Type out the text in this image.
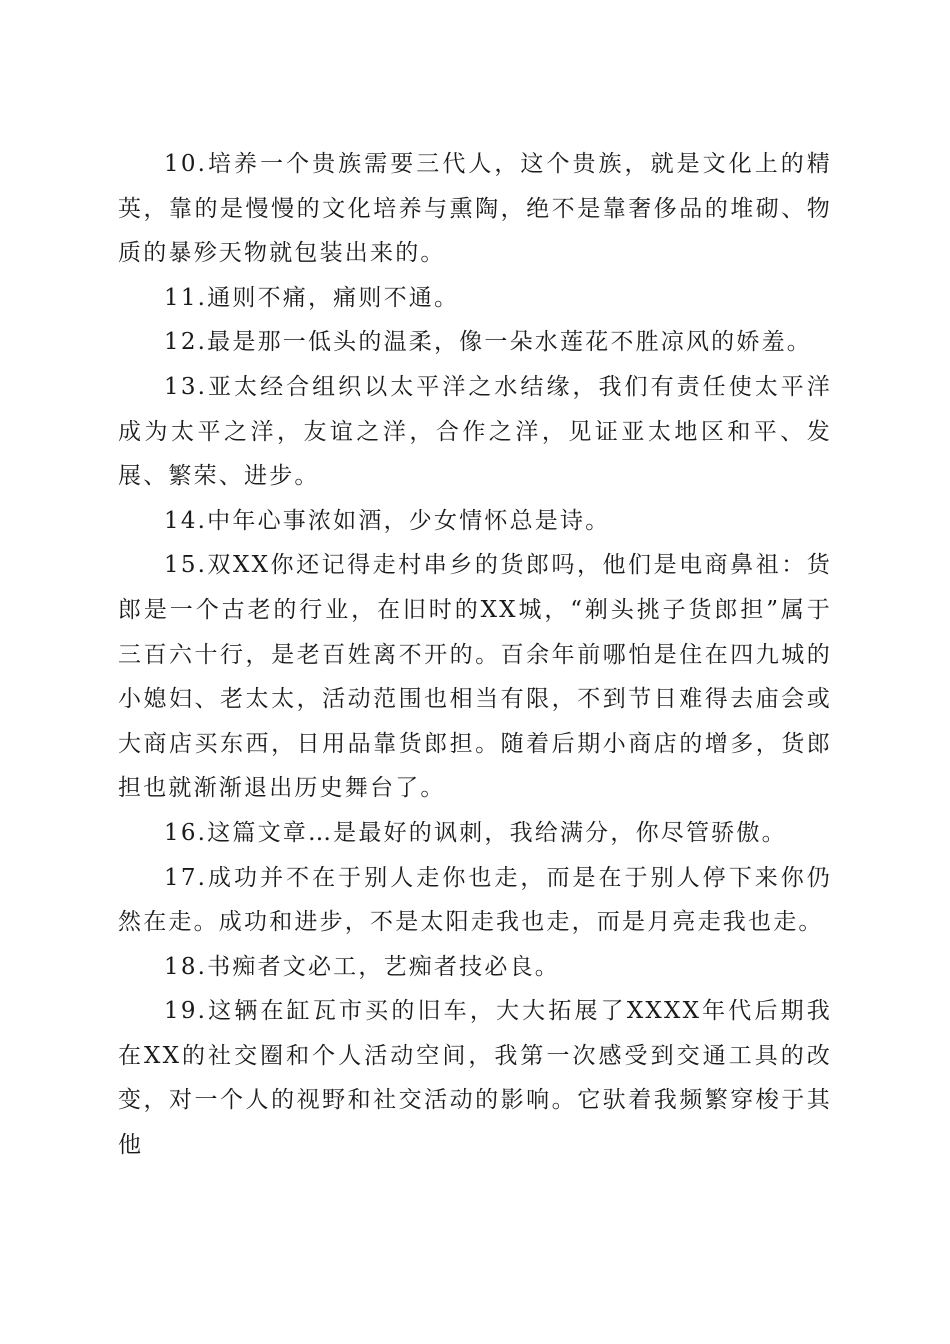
10.培养一个贵族需要三代人，这个贵族，就是文化上的精英，靠的是慢慢的文化培养与熏陶，绝不是靠奢侈品的堆砌、物质的暴殄天物就包装出来的。

11.通则不痛，痛则不通。

12.最是那一低头的温柔，像一朵水莲花不胜凉风的娇羞。

13.亚太经合组织以太平洋之水结缘，我们有责任使太平洋成为太平之洋，友谊之洋，合作之洋，见证亚太地区和平、发展、繁荣、进步。

14.中年心事浓如酒，少女情怀总是诗。

15.双XX你还记得走村串乡的货郎吗，他们是电商鼻祖：货郎是一个古老的行业，在旧时的XX城，“剃头挑子货郎担”属于三百六十行，是老百姓离不开的。百余年前哪怕是住在四九城的小媳妇、老太太，活动范围也相当有限，不到节日难得去庙会或大商店买东西，日用品靠货郎担。随着后期小商店的增多，货郎担也就渐渐退出历史舞台了。

16.这篇文章…是最好的讽刺，我给满分，你尽管骄傲。

17.成功并不在于别人走你也走，而是在于别人停下来你仍然在走。成功和进步，不是太阳走我也走，而是月亮走我也走。

18.书痴者文必工，艺痴者技必良。

19.这辆在缸瓦市买的旧车，大大拓展了XXXX年代后期我在XX的社交圈和个人活动空间，我第一次感受到交通工具的改变，对一个人的视野和社交活动的影响。它驮着我频繁穿梭于其他
